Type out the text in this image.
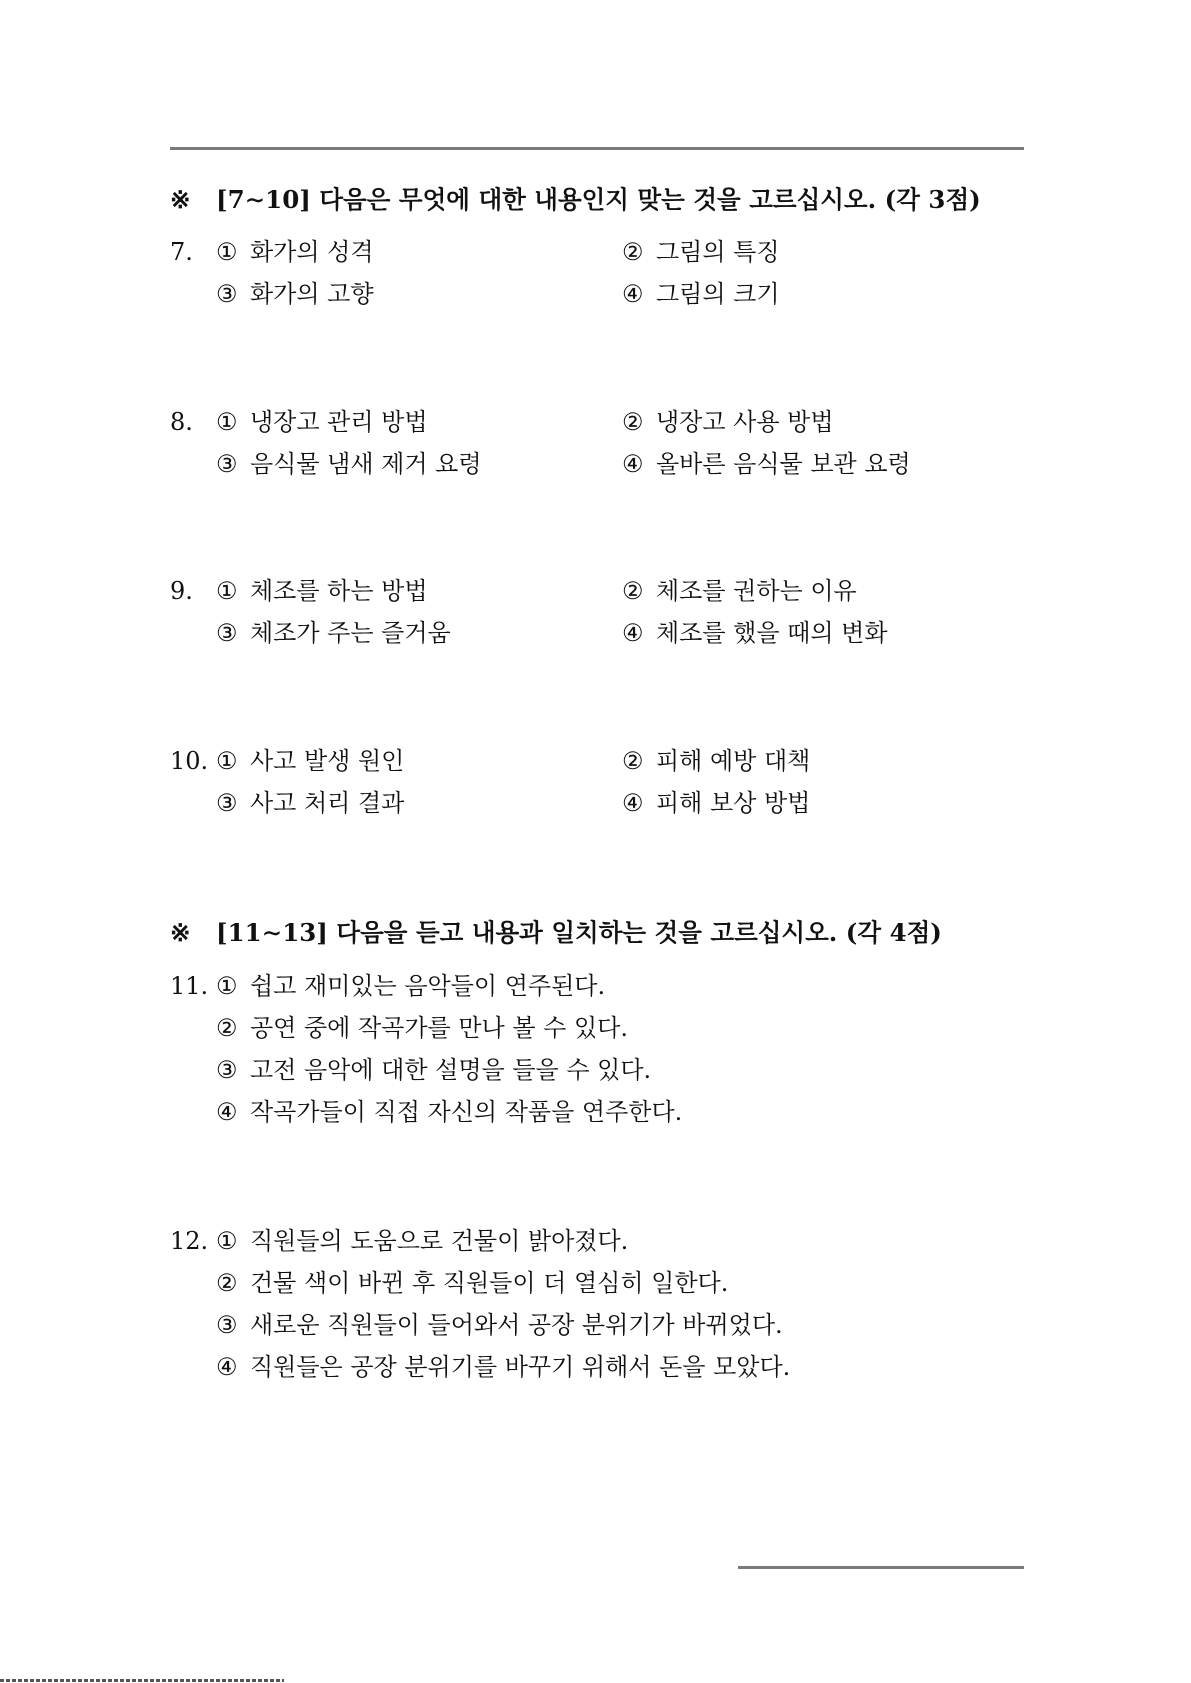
※ [7∼10] 다음은 무엇에 대한 내용인지 맞는 것을 고르십시오. (각 3점)
7. ① 화가의 성격	② 그림의 특징
③ 화가의 고향	④ 그림의 크기
8. ① 냉장고 관리 방법	② 냉장고 사용 방법
③ 음식물 냄새 제거 요령	④ 올바른 음식물 보관 요령
9. ① 체조를 하는 방법	② 체조를 권하는 이유
③ 체조가 주는 즐거움	④ 체조를 했을 때의 변화
10. ① 사고 발생 원인	② 피해 예방 대책
③ 사고 처리 결과	④ 피해 보상 방법
※ [11∼13] 다음을 듣고 내용과 일치하는 것을 고르십시오. (각 4점)
11. ① 쉽고 재미있는 음악들이 연주된다.
② 공연 중에 작곡가를 만나 볼 수 있다.
③ 고전 음악에 대한 설명을 들을 수 있다.
④ 작곡가들이 직접 자신의 작품을 연주한다.
12. ① 직원들의 도움으로 건물이 밝아졌다.
② 건물 색이 바뀐 후 직원들이 더 열심히 일한다.
③ 새로운 직원들이 들어와서 공장 분위기가 바뀌었다.
④ 직원들은 공장 분위기를 바꾸기 위해서 돈을 모았다.
